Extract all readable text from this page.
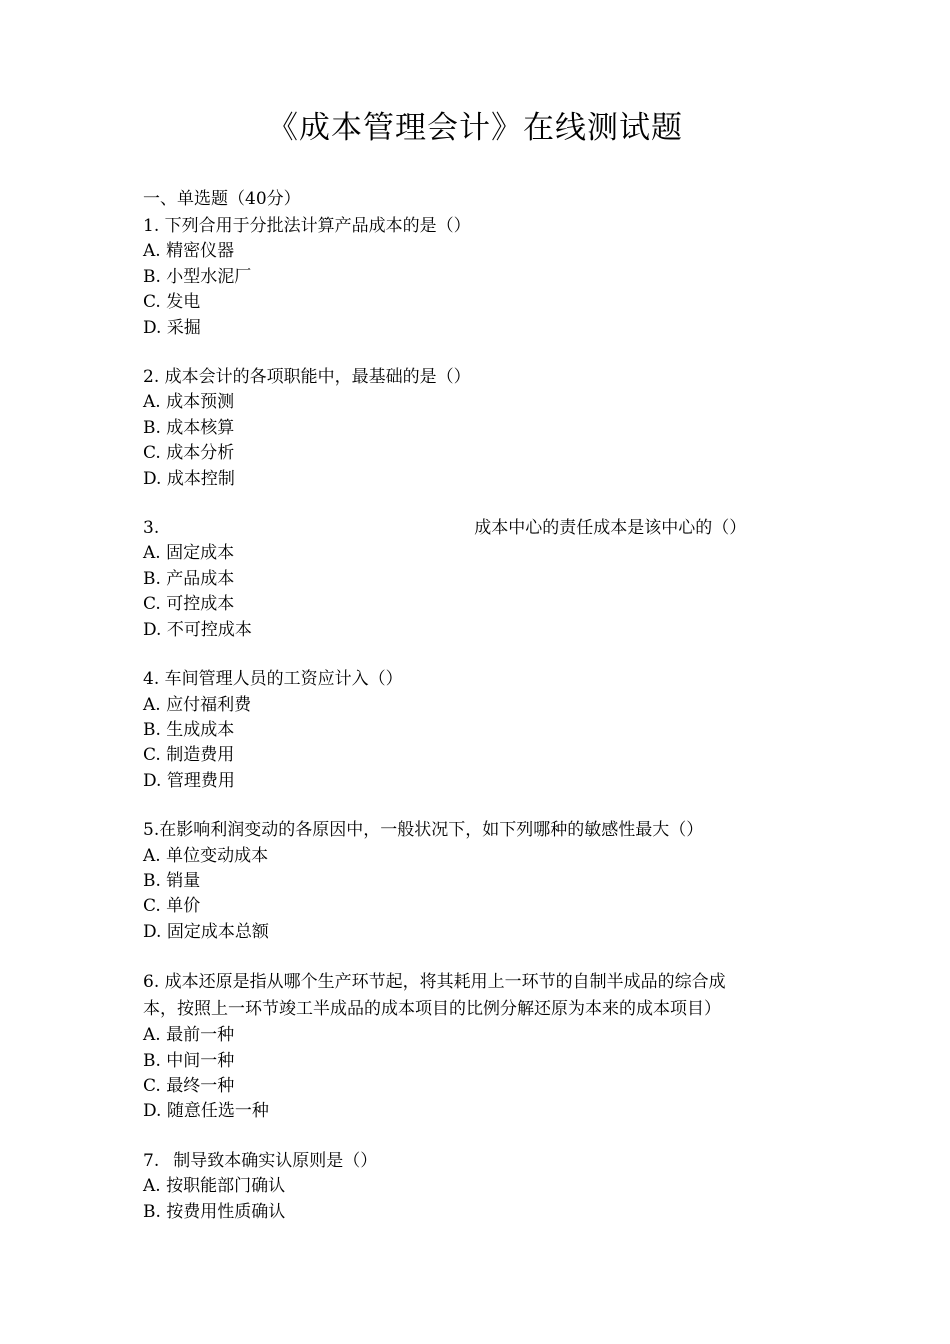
《成本管理会计》在线测试题
一、单选题（40分）
1. 下列合用于分批法计算产品成本的是（）
A. 精密仪器
B. 小型水泥厂
C. 发电
D. 采掘
2. 成本会计的各项职能中，最基础的是（）
A. 成本预测
B. 成本核算
C. 成本分析
D. 成本控制
3.	成本中心的责任成本是该中心的（）
A. 固定成本
B. 产品成本
C. 可控成本
D. 不可控成本
4. 车间管理人员的工资应计入（）
A. 应付福利费
B. 生成成本
C. 制造费用
D. 管理费用
5.在影响利润变动的各原因中，一般状况下，如下列哪种的敏感性最大（）
A. 单位变动成本
B. 销量
C. 单价
D. 固定成本总额
6. 成本还原是指从哪个生产环节起，将其耗用上一环节的自制半成品的综合成
本，按照上一环节竣工半成品的成本项目的比例分解还原为本来的成本项目）
A. 最前一种
B. 中间一种
C. 最终一种
D. 随意任选一种
7. 制导致本确实认原则是（）
A. 按职能部门确认
B. 按费用性质确认
